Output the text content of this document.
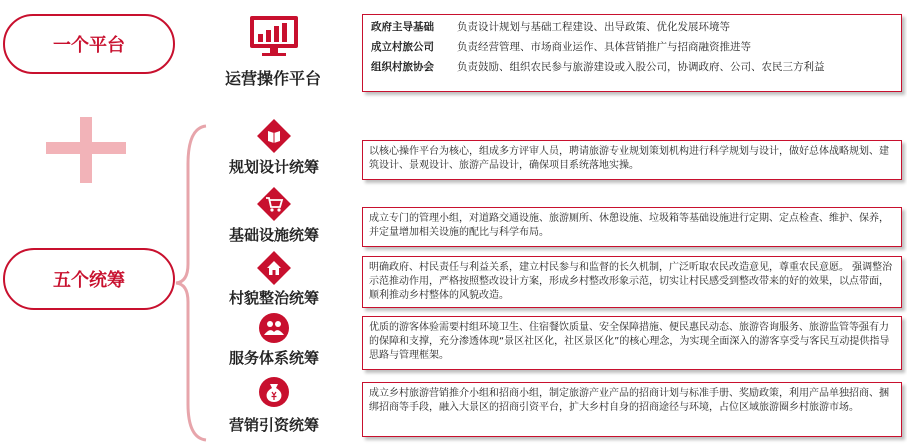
一个平台
五个统筹
运营操作平台
政府主导基础	负责设计规划与基础工程建设、出导政策、优化发展环境等
成立村旅公司	负责经营管理、市场商业运作、具体营销推广与招商融资推进等
组织村旅协会	负责鼓励、组织农民参与旅游建设或入股公司，协调政府、公司、农民三方利益
规划设计统筹
以核心操作平台为核心，组成多方评审人员，聘请旅游专业规划策划机构进行科学规划与设计，做好总体战略规划、建筑设计、景观设计、旅游产品设计，确保项目系统落地实操。
基础设施统筹
成立专门的管理小组，对道路交通设施、旅游厕所、休憩设施、垃圾箱等基础设施进行定期、定点检查、维护、保养，并定量增加相关设施的配比与科学布局。
村貌整治统筹
明确政府、村民责任与利益关系，建立村民参与和监督的长久机制，广泛听取农民改造意见，尊重农民意愿。 强调整治示范推动作用，严格按照整改设计方案，形成乡村整改形象示范，切实让村民感受到整改带来的好的效果，以点带面，顺利推动乡村整体的风貌改造。
服务体系统筹
优质的游客体验需要村组环境卫生、住宿餐饮质量、安全保障措施、便民惠民动态、旅游咨询服务、旅游监管等强有力的保障和支撑，充分渗透体现“景区社区化，社区景区化”的核心理念，为实现全面深入的游客享受与客民互动提供指导思路与管理框架。
营销引资统筹
成立乡村旅游营销推介小组和招商小组，制定旅游产业产品的招商计划与标准手册、奖励政策，利用产品单独招商、捆绑招商等手段，融入大景区的招商引资平台，扩大乡村自身的招商途径与环境，占位区域旅游圈乡村旅游市场。
